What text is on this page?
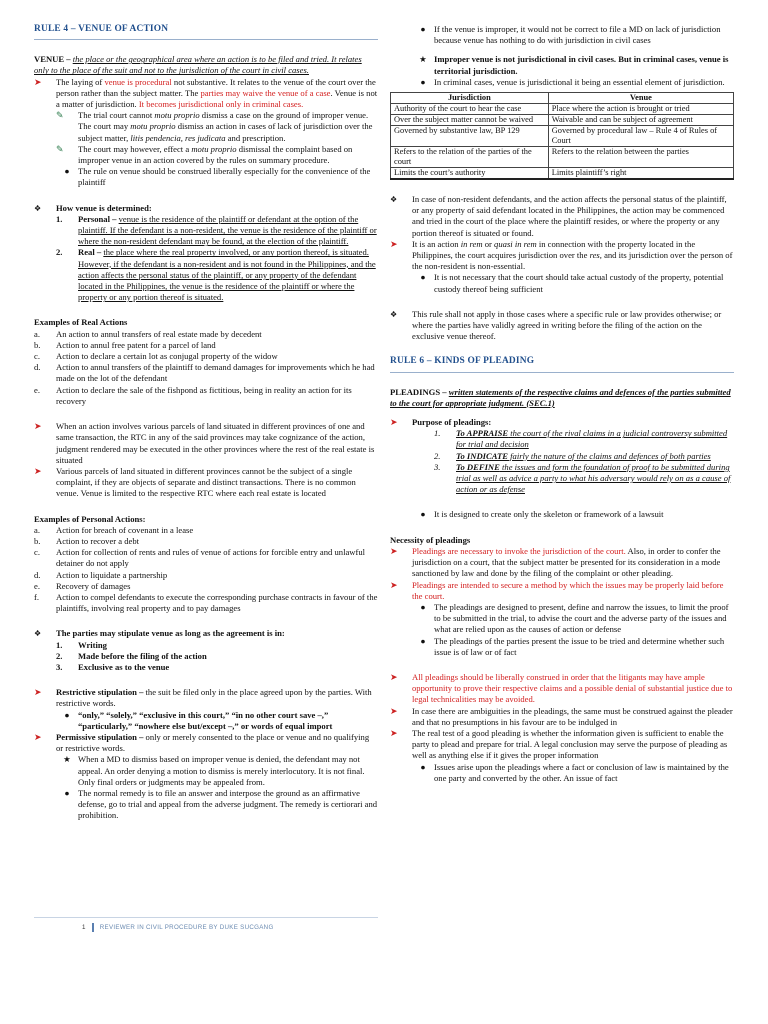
RULE 4 – VENUE OF ACTION

VENUE – the place or the geographical area where an action is to be filed and tried. It relates only to the place of the suit and not to the jurisdiction of the court in civil cases.

➤	The laying of venue is procedural not substantive. It relates to the venue of the court over the person rather than the subject matter. The parties may waive the venue of a case. Venue is not a matter of jurisdiction. It becomes jurisdictional only in criminal cases.
✎	The trial court cannot motu proprio dismiss a case on the ground of improper venue. The court may motu proprio dismiss an action in cases of lack of jurisdiction over the subject matter, litis pendencia, res judicata and prescription.
✎	The court may however, effect a motu proprio dismissal the complaint based on improper venue in an action covered by the rules on summary procedure.
● The rule on venue should be construed liberally especially for the convenience of the plaintiff
❖	How venue is determined:
1.	Personal – venue is the residence of the plaintiff or defendant at the option of the plaintiff. If the defendant is a non-resident, the venue is the residence of the plaintiff or where the non-resident defendant may be found, at the election of the plaintiff.
2.	Real – the place where the real property involved, or any portion thereof, is situated. However, if the defendant is a non-resident and is not found in the Philippines, and the action affects the personal status of the plaintiff, or any property of the defendant located in the Philippines, the venue is the residence of the plaintiff or where the property or any portion thereof is situated.

Examples of Real Actions

a.	An action to annul transfers of real estate made by decedent
b.	Action to annul free patent for a parcel of land
c.	Action to declare a certain lot as conjugal property of the widow
d.	Action to annul transfers of the plaintiff to demand damages for improvements which he had made on the lot of the defendant
e.	Action to declare the sale of the fishpond as fictitious, being in reality an action for its recovery
➤	When an action involves various parcels of land situated in different provinces of one and same transaction, the RTC in any of the said provinces may take cognizance of the action, judgment rendered may be executed in the other provinces where the rest of the real estate is situated
➤	Various parcels of land situated in different provinces cannot be the subject of a single complaint, if they are objects of separate and distinct transactions. There is no common venue. Venue is limited to the respective RTC where each real estate is located

Examples of Personal Actions:

a.	Action for breach of covenant in a lease
b.	Action to recover a debt
c.	Action for collection of rents and rules of venue of actions for forcible entry and unlawful detainer do not apply
d.	Action to liquidate a partnership
e.	Recovery of damages
f.	Action to compel defendants to execute the corresponding purchase contracts in favour of the plaintiffs, involving real property and to pay damages
❖	The parties may stipulate venue as long as the agreement is in:
1.	Writing
2.	Made before the filing of the action
3.	Exclusive as to the venue
➤	Restrictive stipulation – the suit be filed only in the place agreed upon by the parties. With restrictive words.
● “only,” “solely,” “exclusive in this court,” “in no other court save –,” “particularly,” “nowhere else but/except –,” or words of equal import
➤	Permissive stipulation – only or merely consented to the place or venue and no qualifying or restrictive words.
★ When a MD to dismiss based on improper venue is denied, the defendant may not appeal. An order denying a motion to dismiss is merely interlocutory. It is not final. Only final orders or judgments may be appealed from.
● The normal remedy is to file an answer and interpose the ground as an affirmative defense, go to trial and appeal from the adverse judgment. The remedy is certiorari and prohibition.
● If the venue is improper, it would not be correct to file a MD on lack of jurisdiction because venue has nothing to do with jurisdiction in civil cases
★ Improper venue is not jurisdictional in civil cases. But in criminal cases, venue is territorial jurisdiction.
● In criminal cases, venue is jurisdictional it being an essential element of jurisdiction.
Jurisdiction	Venue
Authority of the court to hear the case	Place where the action is brought or tried
Over the subject matter cannot be waived	Waivable and can be subject of agreement
Governed by substantive law, BP 129	Governed by procedural law – Rule 4 of Rules of Court
Refers to the relation of the parties of the court	Refers to the relation between the parties
Limits the court’s authority	Limits plaintiff’s right
❖	In case of non-resident defendants, and the action affects the personal status of the plaintiff, or any property of said defendant located in the Philippines, the action may be commenced and tried in the court of the place where the plaintiff resides, or where the property or any portion thereof is situated or found.
➤	It is an action in rem or quasi in rem in connection with the property located in the Philippines, the court acquires jurisdiction over the res, and its jurisdiction over the person of the non-resident is non-essential.
● It is not necessary that the court should take actual custody of the property, potential custody thereof being sufficient
❖	This rule shall not apply in those cases where a specific rule or law provides otherwise; or where the parties have validly agreed in writing before the filing of the action on the exclusive venue thereof.
RULE 6 – KINDS OF PLEADING

PLEADINGS – written statements of the respective claims and defences of the parties submitted to the court for appropriate judgment. (SEC.1)

➤	Purpose of pleadings:
1.	To APPRAISE the court of the rival claims in a judicial controversy submitted for trial and decision
2.	To INDICATE fairly the nature of the claims and defences of both parties
3.	To DEFINE the issues and form the foundation of proof to be submitted during trial as well as advice a party to what his adversary would rely on as a cause of action or as defense
● It is designed to create only the skeleton or framework of a lawsuit

Necessity of pleadings

➤	Pleadings are necessary to invoke the jurisdiction of the court. Also, in order to confer the jurisdiction on a court, that the subject matter be presented for its consideration in a mode sanctioned by law and done by the filing of the complaint or other pleading.
➤	Pleadings are intended to secure a method by which the issues may be properly laid before the court.
● The pleadings are designed to present, define and narrow the issues, to limit the proof to be submitted in the trial, to advise the court and the adverse party of the issues and what are relied upon as the causes of action or defense
● The pleadings of the parties present the issue to be tried and determine whether such issue is of law or of fact
➤	All pleadings should be liberally construed in order that the litigants may have ample opportunity to prove their respective claims and a possible denial of substantial justice due to legal technicalities may be avoided.
➤	In case there are ambiguities in the pleadings, the same must be construed against the pleader and that no presumptions in his favour are to be indulged in
➤	The real test of a good pleading is whether the information given is sufficient to enable the party to plead and prepare for trial. A legal conclusion may serve the purpose of pleading as well as anything else if it gives the proper information
● Issues arise upon the pleadings where a fact or conclusion of law is maintained by the one party and converted by the other. An issue of fact
1 REVIEWER IN CIVIL PROCEDURE BY DUKE SUCGANG
